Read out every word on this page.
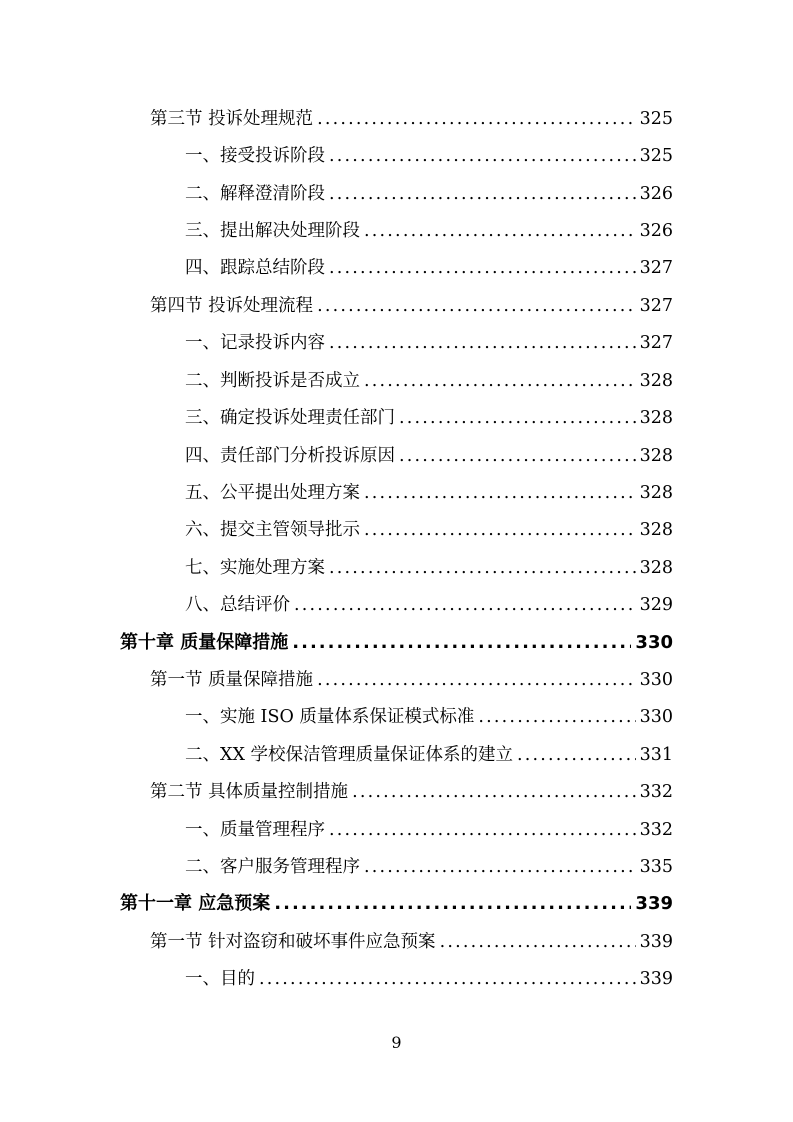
第三节 投诉处理规范 .....	325
一、接受投诉阶段 .....	325
二、解释澄清阶段 .....	326
三、提出解决处理阶段 .....	326
四、跟踪总结阶段 .....	327
第四节 投诉处理流程 .....	327
一、记录投诉内容 .....	327
二、判断投诉是否成立 .....	328
三、确定投诉处理责任部门 .....	328
四、责任部门分析投诉原因 .....	328
五、公平提出处理方案 .....	328
六、提交主管领导批示 .....	328
七、实施处理方案 .....	328
八、总结评价 .....	329
第十章 质量保障措施 .....	330
第一节 质量保障措施 .....	330
一、实施 ISO 质量体系保证模式标准 .....	330
二、XX 学校保洁管理质量保证体系的建立 .....	331
第二节 具体质量控制措施 .....	332
一、质量管理程序 .....	332
二、客户服务管理程序 .....	335
第十一章 应急预案 .....	339
第一节 针对盗窃和破坏事件应急预案 .....	339
一、目的 .....	339
9
